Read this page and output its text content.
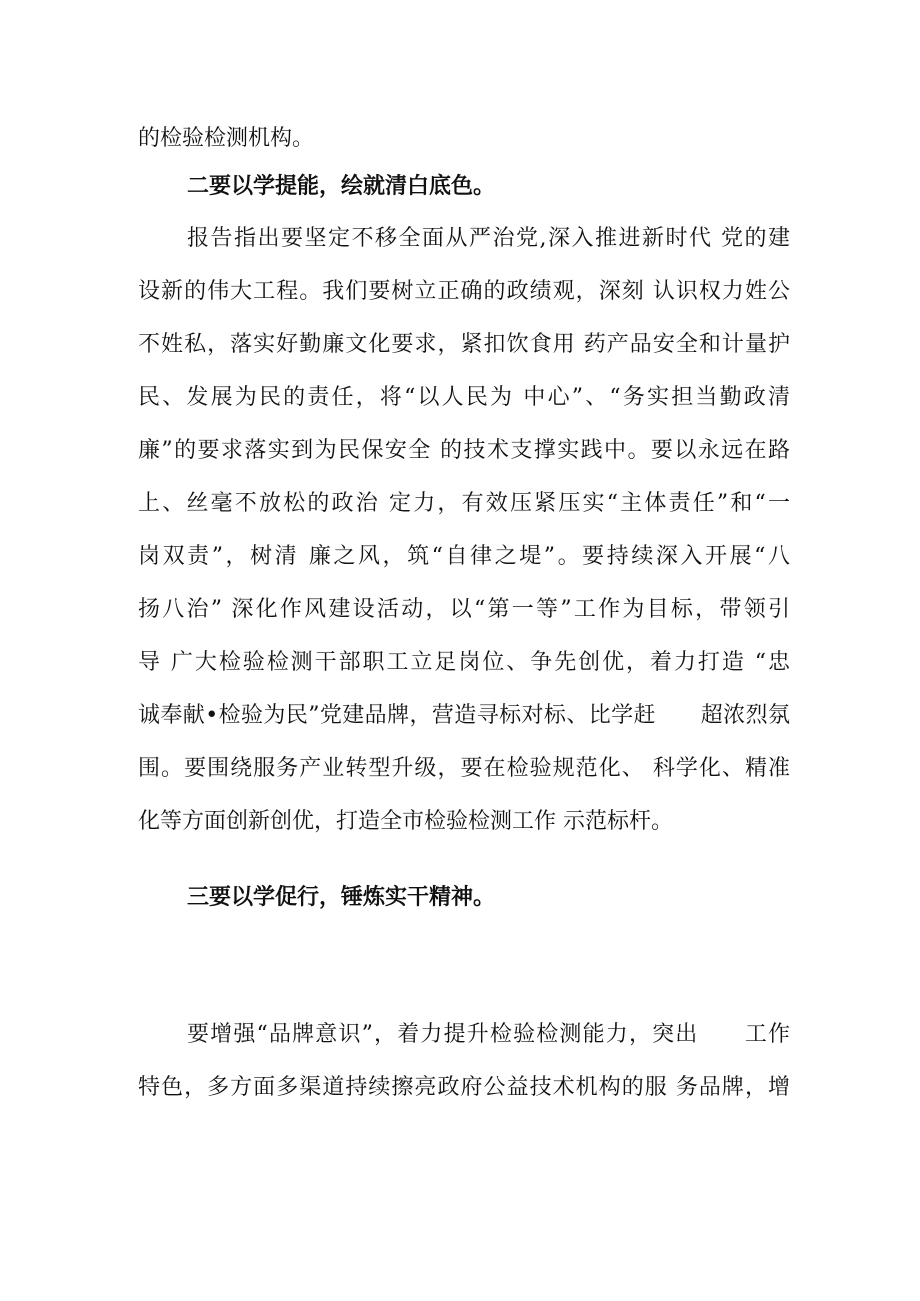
的检验检测机构。
二要以学提能，绘就清白底色。
报告指出要坚定不移全面从严治党,深入推进新时代 党的建
设新的伟大工程。我们要树立正确的政绩观，深刻 认识权力姓公
不姓私，落实好勤廉文化要求，紧扣饮食用 药产品安全和计量护
民、发展为民的责任，将“以人民为 中心”、“务实担当勤政清
廉”的要求落实到为民保安全 的技术支撑实践中。要以永远在路
上、丝毫不放松的政治 定力，有效压紧压实“主体责任”和“一
岗双责”，树清 廉之风，筑“自律之堤”。要持续深入开展“八
扬八治” 深化作风建设活动，以“第一等”工作为目标，带领引
导 广大检验检测干部职工立足岗位、争先创优，着力打造 “忠
诚奉献•检验为民”党建品牌，营造寻标对标、比学赶　　超浓烈氛
围。要围绕服务产业转型升级，要在检验规范化、 科学化、精准
化等方面创新创优，打造全市检验检测工作 示范标杆。
三要以学促行，锤炼实干精神。
要增强“品牌意识”，着力提升检验检测能力，突出　　工作
特色，多方面多渠道持续擦亮政府公益技术机构的服 务品牌，增
